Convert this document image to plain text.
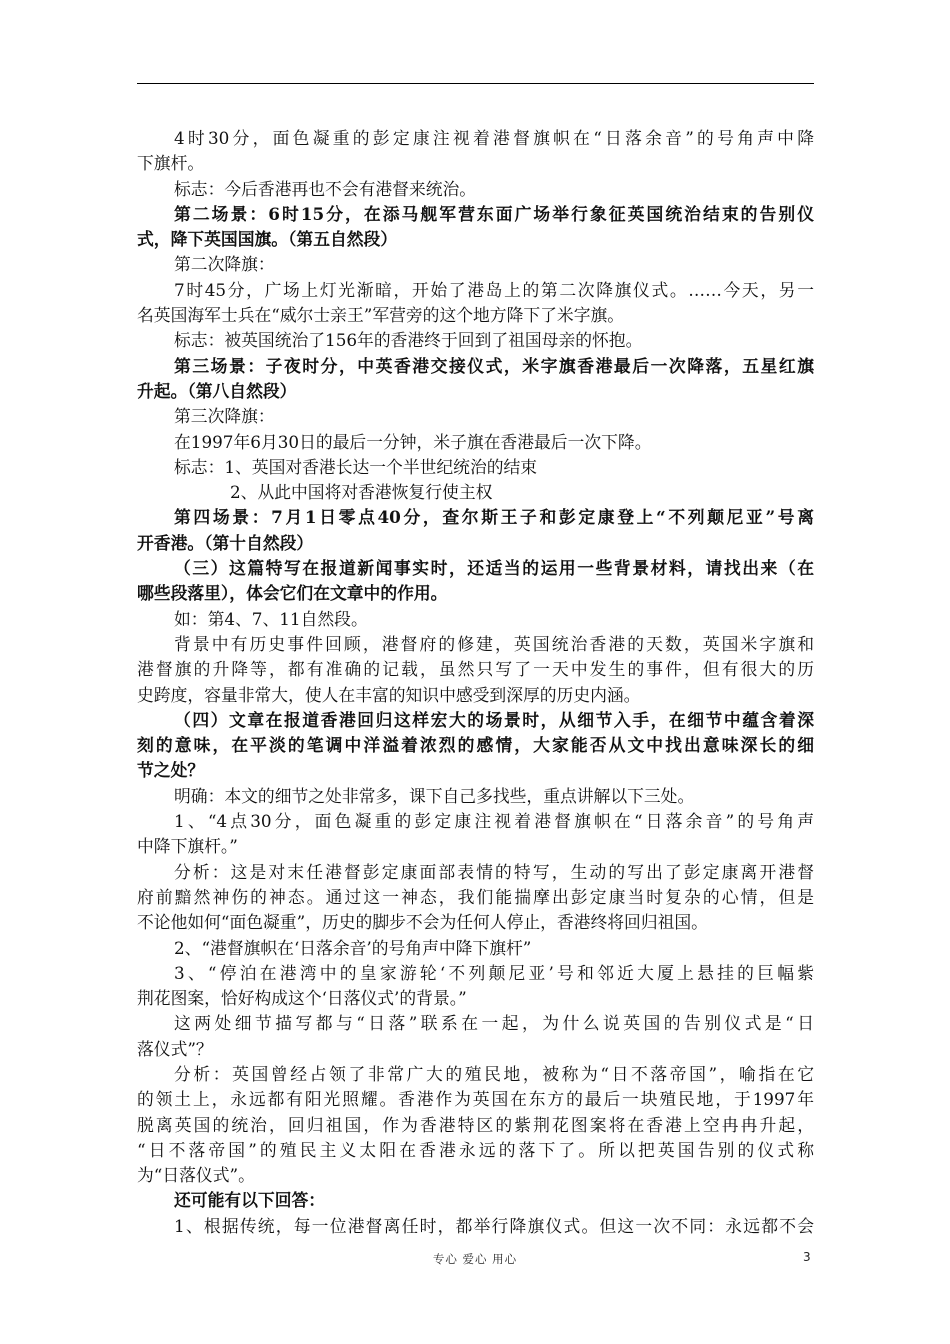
4时30分，面色凝重的彭定康注视着港督旗帜在“日落余音”的号角声中降
下旗杆。
标志：今后香港再也不会有港督来统治。
第二场景：6时15分，在添马舰军营东面广场举行象征英国统治结束的告别仪
式，降下英国国旗。（第五自然段）
第二次降旗：
7时45分，广场上灯光渐暗，开始了港岛上的第二次降旗仪式。……今天，另一
名英国海军士兵在“威尔士亲王”军营旁的这个地方降下了米字旗。
标志：被英国统治了156年的香港终于回到了祖国母亲的怀抱。
第三场景：子夜时分，中英香港交接仪式，米字旗香港最后一次降落，五星红旗
升起。（第八自然段）
第三次降旗：
在1997年6月30日的最后一分钟，米子旗在香港最后一次下降。
标志：1、英国对香港长达一个半世纪统治的结束
2、从此中国将对香港恢复行使主权
第四场景：7月1日零点40分，查尔斯王子和彭定康登上“不列颠尼亚”号离
开香港。（第十自然段）
（三）这篇特写在报道新闻事实时，还适当的运用一些背景材料，请找出来（在
哪些段落里），体会它们在文章中的作用。
如：第4、7、11自然段。
背景中有历史事件回顾，港督府的修建，英国统治香港的天数，英国米字旗和
港督旗的升降等，都有准确的记载，虽然只写了一天中发生的事件，但有很大的历
史跨度，容量非常大，使人在丰富的知识中感受到深厚的历史内涵。
（四）文章在报道香港回归这样宏大的场景时，从细节入手，在细节中蕴含着深
刻的意味，在平淡的笔调中洋溢着浓烈的感情，大家能否从文中找出意味深长的细
节之处？
明确：本文的细节之处非常多，课下自己多找些，重点讲解以下三处。
1、“4点30分，面色凝重的彭定康注视着港督旗帜在“日落余音”的号角声
中降下旗杆。”
分析：这是对末任港督彭定康面部表情的特写，生动的写出了彭定康离开港督
府前黯然神伤的神态。通过这一神态，我们能揣摩出彭定康当时复杂的心情，但是
不论他如何“面色凝重”，历史的脚步不会为任何人停止，香港终将回归祖国。
2、“港督旗帜在‘日落余音’的号角声中降下旗杆”
3、“停泊在港湾中的皇家游轮‘不列颠尼亚’号和邻近大厦上悬挂的巨幅紫
荆花图案，恰好构成这个‘日落仪式’的背景。”
这两处细节描写都与“日落”联系在一起，为什么说英国的告别仪式是“日
落仪式”？
分析：英国曾经占领了非常广大的殖民地，被称为“日不落帝国”，喻指在它
的领土上，永远都有阳光照耀。香港作为英国在东方的最后一块殖民地，于1997年
脱离英国的统治，回归祖国，作为香港特区的紫荆花图案将在香港上空冉冉升起，
“日不落帝国”的殖民主义太阳在香港永远的落下了。所以把英国告别的仪式称
为“日落仪式”。
还可能有以下回答：
1、根据传统，每一位港督离任时，都举行降旗仪式。但这一次不同：永远都不会
专心 爱心 用心	3
